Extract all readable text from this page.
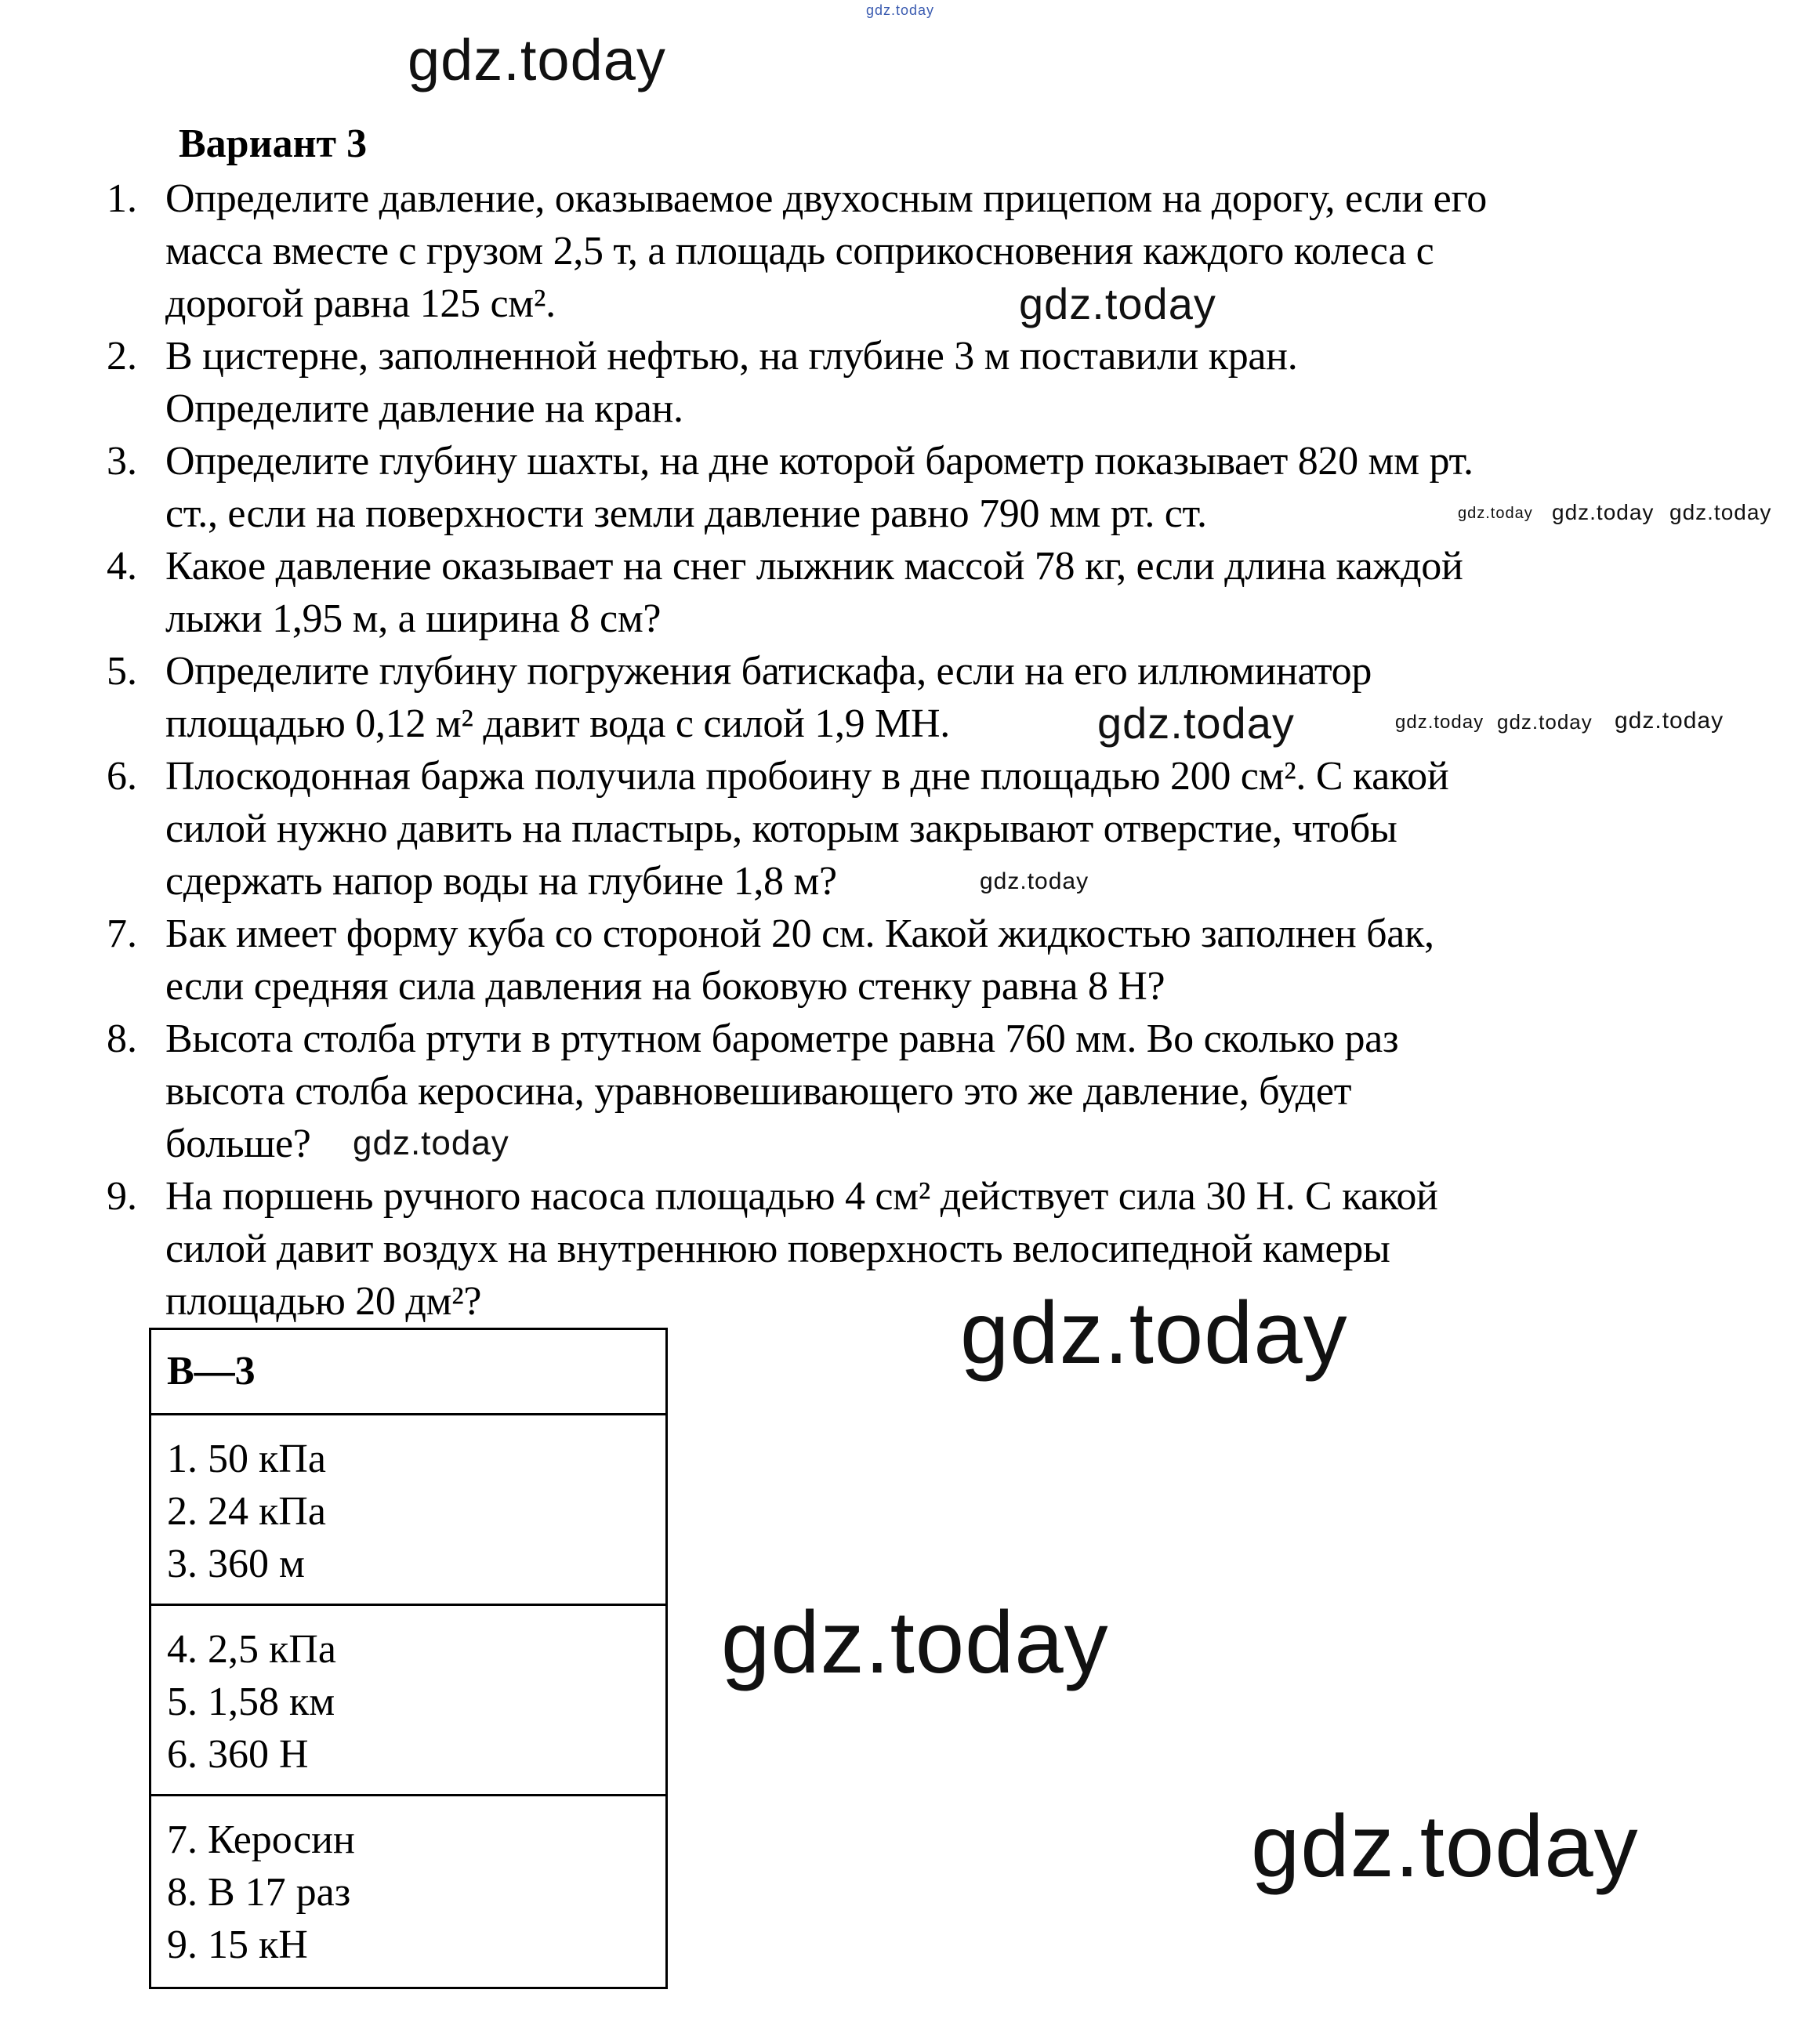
Вариант 3
1. Определите давление, оказываемое двухосным прицепом на дорогу, если его
масса вместе с грузом 2,5 т, а площадь соприкосновения каждого колеса с
дорогой равна 125 см².
2. В цистерне, заполненной нефтью, на глубине 3 м поставили кран.
Определите давление на кран.
3. Определите глубину шахты, на дне которой барометр показывает 820 мм рт.
ст., если на поверхности земли давление равно 790 мм рт. ст.
4. Какое давление оказывает на снег лыжник массой 78 кг, если длина каждой
лыжи 1,95 м, а ширина 8 см?
5. Определите глубину погружения батискафа, если на его иллюминатор
площадью 0,12 м² давит вода с силой 1,9 МН.
6. Плоскодонная баржа получила пробоину в дне площадью 200 см². С какой
силой нужно давить на пластырь, которым закрывают отверстие, чтобы
сдержать напор воды на глубине 1,8 м?
7. Бак имеет форму куба со стороной 20 см. Какой жидкостью заполнен бак,
если средняя сила давления на боковую стенку равна 8 Н?
8. Высота столба ртути в ртутном барометре равна 760 мм. Во сколько раз
высота столба керосина, уравновешивающего это же давление, будет
больше?
9. На поршень ручного насоса площадью 4 см² действует сила 30 Н. С какой
силой давит воздух на внутреннюю поверхность велосипедной камеры
площадью 20 дм²?
В—3
1. 50 кПа
2. 24 кПа
3. 360 м
4. 2,5 кПа
5. 1,58 км
6. 360 Н
7. Керосин
8. В 17 раз
9. 15 кН
gdz.today
gdz.today
gdz.today
gdz.today gdz.today gdz.today
gdz.today
gdz.today	gdz.today gdz.today
gdz.today
gdz.today
gdz.today
gdz.today
gdz.today
